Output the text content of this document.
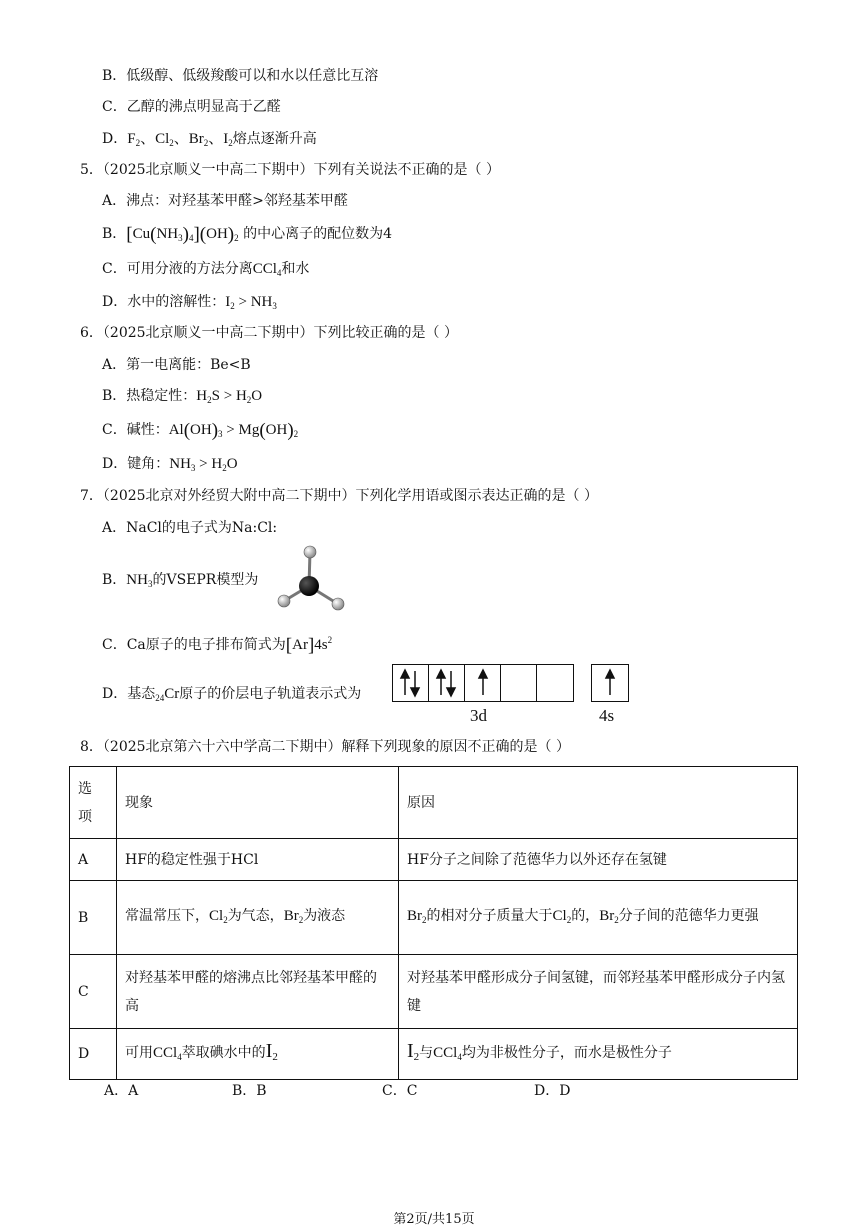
B．低级醇、低级羧酸可以和水以任意比互溶
C．乙醇的沸点明显高于乙醛
D．$F_2$、$Cl_2$、$Br_2$、$I_2$熔点逐渐升高
5．（2025北京顺义一中高二下期中）下列有关说法不正确的是（ ）
A．沸点：对羟基苯甲醛>邻羟基苯甲醛
B．$[Cu(NH_3)_4](OH)_2$ 的中心离子的配位数为4
C．可用分液的方法分离CCl$_4$和水
D．水中的溶解性：$I_2 > NH_3$
6．（2025北京顺义一中高二下期中）下列比较正确的是（ ）
A．第一电离能：Be<B
B．热稳定性：$H_2S > H_2O$
C．碱性：$Al(OH)_3 > Mg(OH)_2$
D．键角：$NH_3 > H_2O$
7．（2025北京对外经贸大附中高二下期中）下列化学用语或图示表达正确的是（ ）
A．NaCl的电子式为Na:Cl:
B．$NH_3$的VSEPR模型为
C．Ca原子的电子排布简式为$[Ar]4s^2$
D．基态$_{24}$Cr原子的价层电子轨道表示式为
3d	4s
8．（2025北京第六十六中学高二下期中）解释下列现象的原因不正确的是（ ）
选项	现象	原因
A	HF的稳定性强于HCl	HF分子之间除了范德华力以外还存在氢键
B	常温常压下，$Cl_2$为气态，$Br_2$为液态	$Br_2$的相对分子质量大于$Cl_2$的，$Br_2$分子间的范德华力更强
C	对羟基苯甲醛的熔沸点比邻羟基苯甲醛的高	对羟基苯甲醛形成分子间氢键，而邻羟基苯甲醛形成分子内氢键
D	可用CCl$_4$萃取碘水中的$I_2$	$I_2$与CCl$_4$均为非极性分子，而水是极性分子
A．A	B．B	C．C	D．D
第2页/共15页
